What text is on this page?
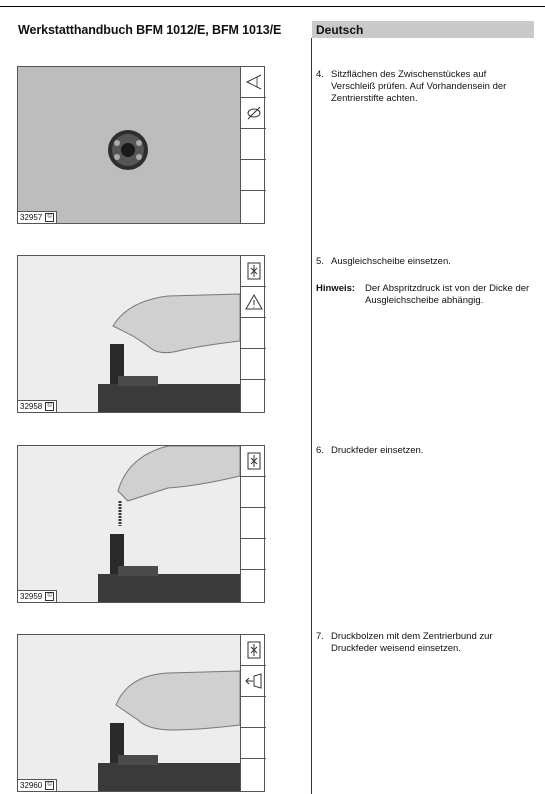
Werkstatthandbuch BFM 1012/E, BFM 1013/E	Deutsch
32957 ©
32958 ©
32959 ©
32960 ©
4. Sitzflächen des Zwischenstückes auf Verschleiß prüfen. Auf Vorhandensein der Zentrierstifte achten.
5. Ausgleichscheibe einsetzen.
Hinweis: Der Abspritzdruck ist von der Dicke der Ausgleichscheibe abhängig.
6. Druckfeder einsetzen.
7. Druckbolzen mit dem Zentrierbund zur Druckfeder weisend einsetzen.
